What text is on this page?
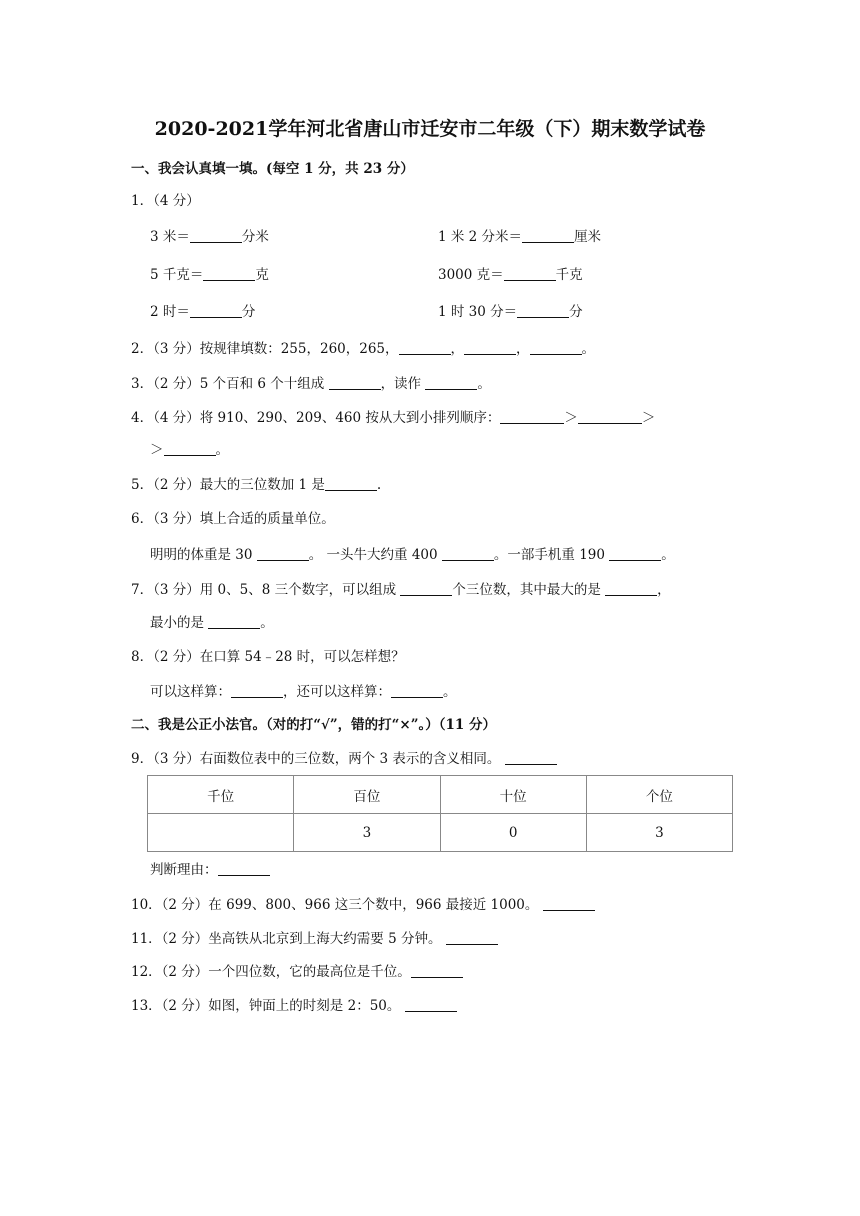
2020-2021学年河北省唐山市迁安市二年级（下）期末数学试卷
一、我会认真填一填。(每空 1 分，共 23 分）
1．（4 分）
3 米＝	分米	1 米 2 分米＝	厘米
5 千克＝	克	3000 克＝	千克
2 时＝	分	1 时 30 分＝	分
2．（3 分）按规律填数：255，260，265，	，	，	。
3．（2 分）5 个百和 6 个十组成	，读作	。
4．（4 分）将 910、290、209、460 按从大到小排列顺序：	＞	＞
＞	。
5．（2 分）最大的三位数加 1 是	.
6．（3 分）填上合适的质量单位。
明明的体重是 30	。 一头牛大约重 400	。一部手机重 190	。
7．（3 分）用 0、5、8 三个数字，可以组成	个三位数，其中最大的是	，
最小的是	。
8．（2 分）在口算 54﹣28 时，可以怎样想？
可以这样算：	，还可以这样算：	。
二、我是公正小法官。（对的打“√”，错的打“×”。）（11 分）
9．（3 分）右面数位表中的三位数，两个 3 表示的含义相同。
千位	百位	十位	个位
	3	0	3
判断理由：
10．（2 分）在 699、800、966 这三个数中，966 最接近 1000。
11．（2 分）坐高铁从北京到上海大约需要 5 分钟。
12．（2 分）一个四位数，它的最高位是千位。
13．（2 分）如图，钟面上的时刻是 2：50。
